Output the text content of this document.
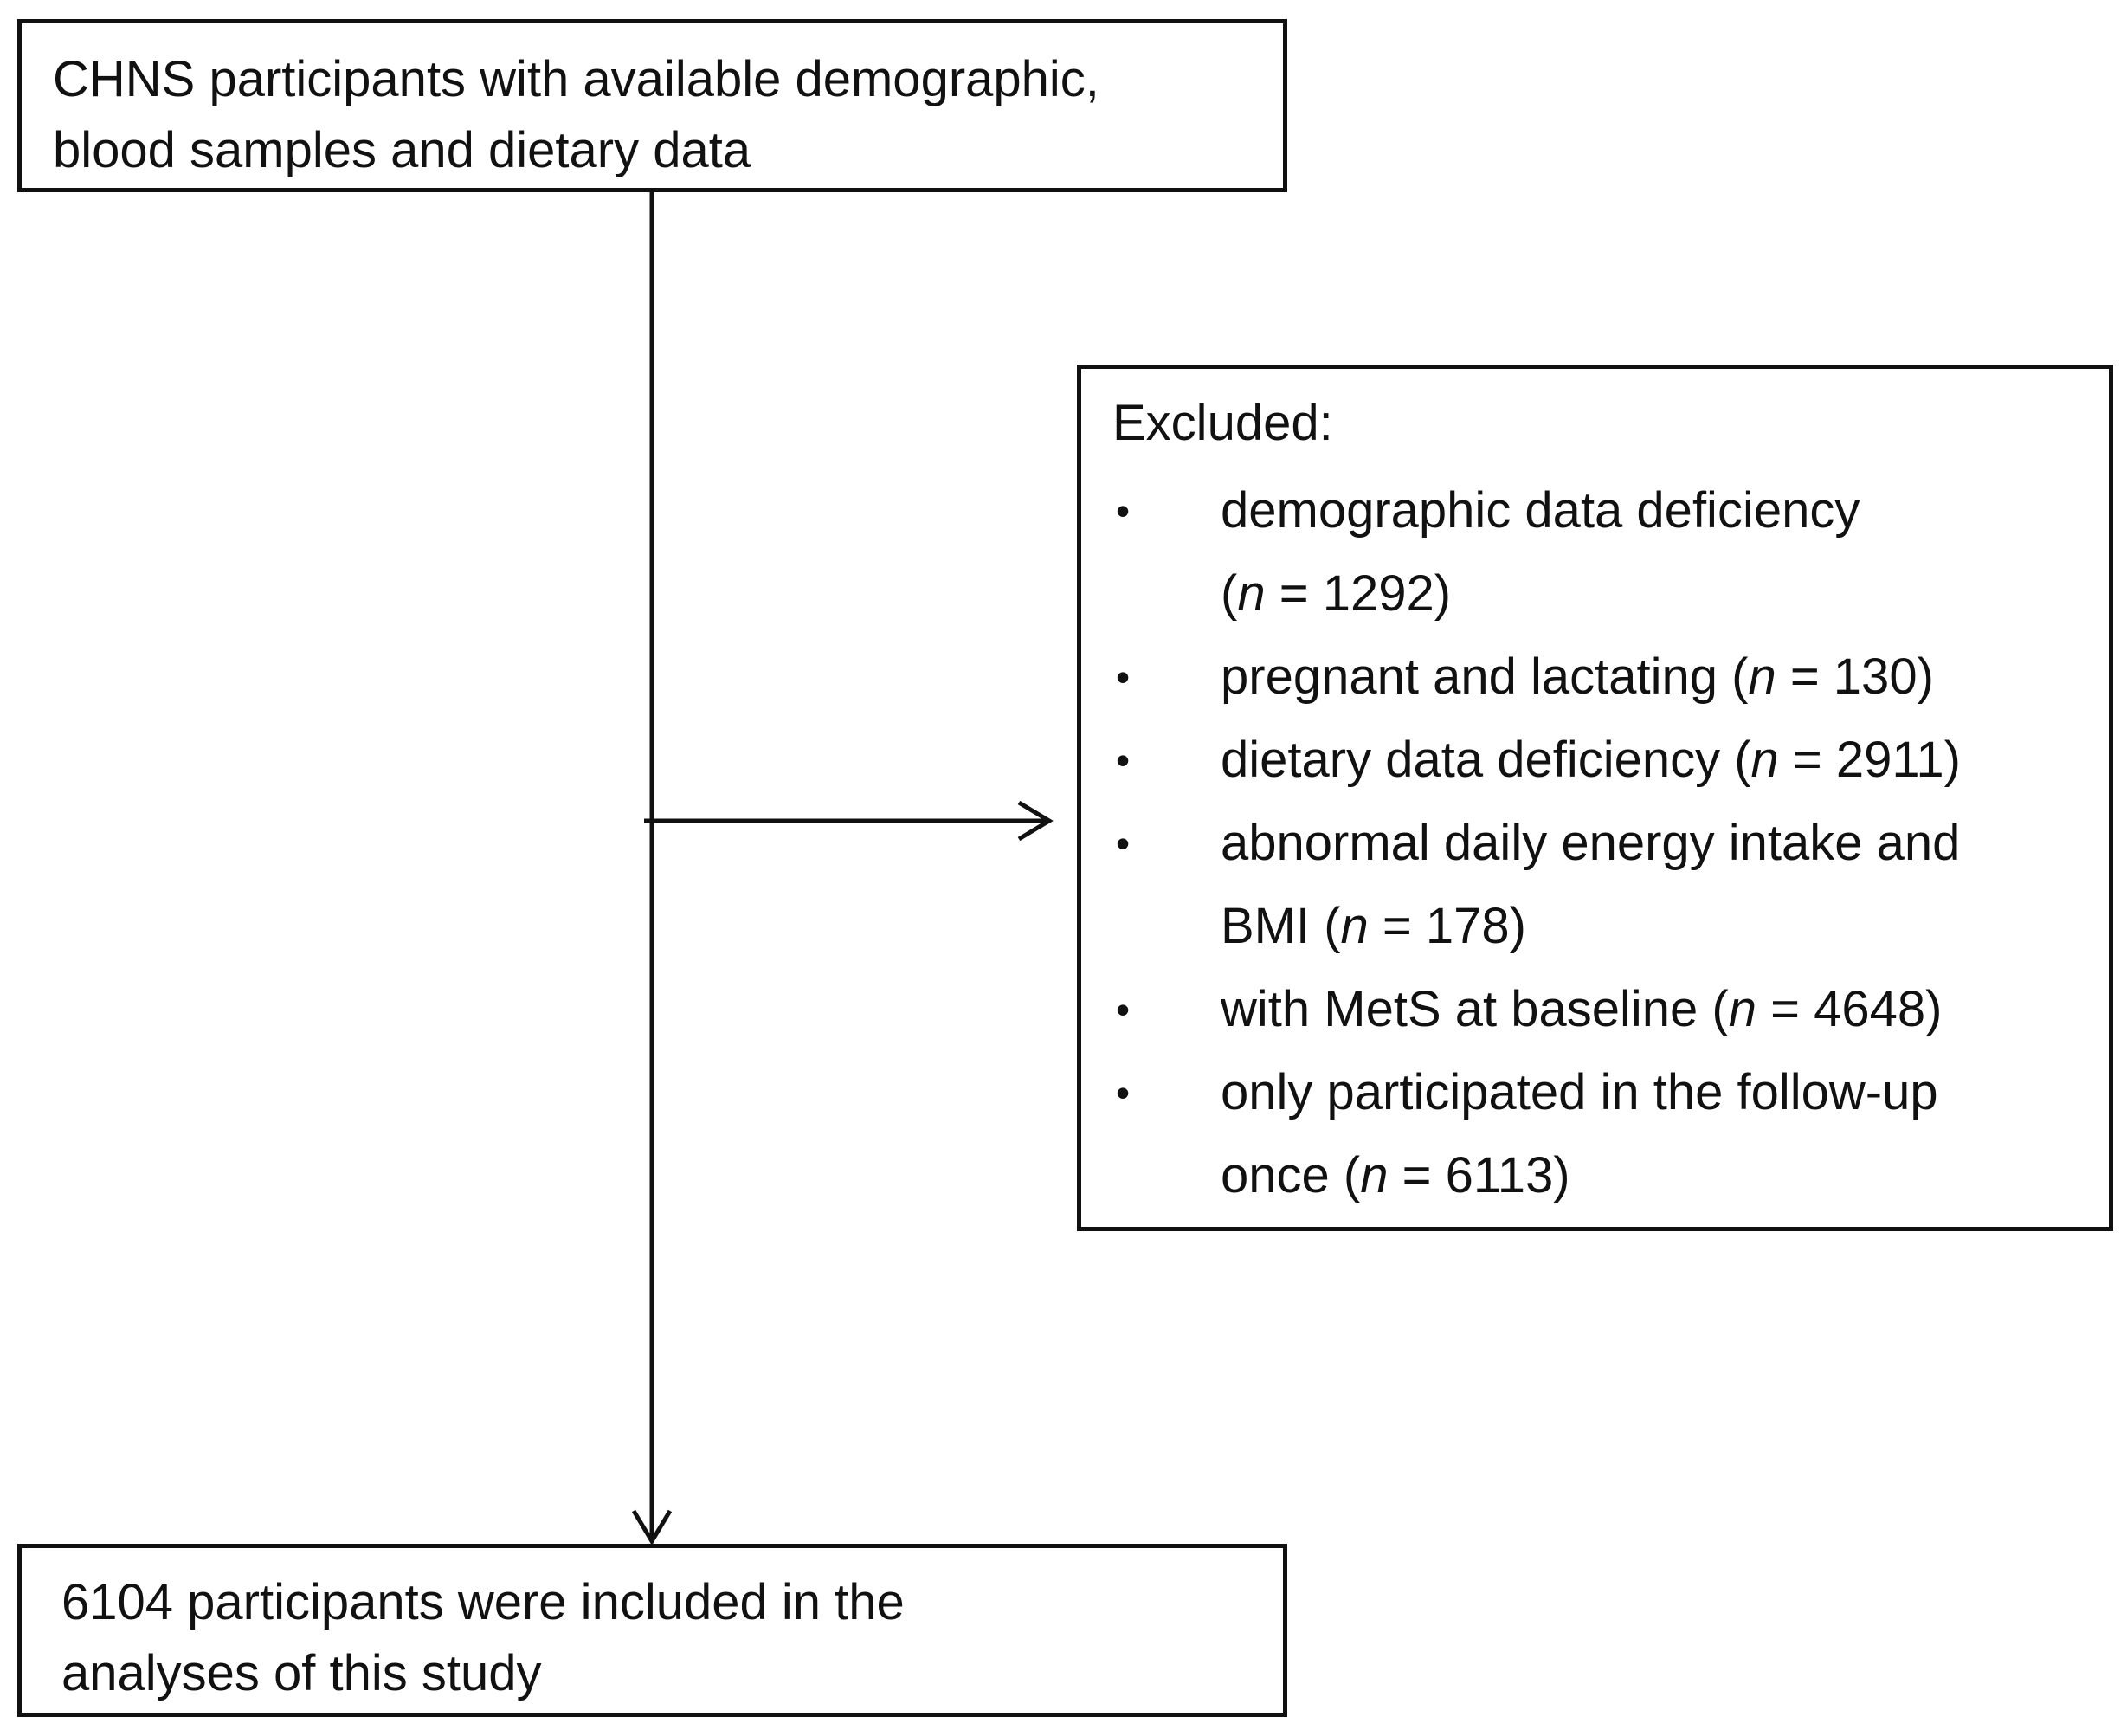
CHNS participants with available demographic,
blood samples and dietary data

Excluded:

• demographic data deficiency
(n = 1292)
• pregnant and lactating (n = 130)
• dietary data deficiency (n = 2911)
• abnormal daily energy intake and
BMI (n = 178)
• with MetS at baseline (n = 4648)
• only participated in the follow-up
once (n = 6113)

6104 participants were included in the
analyses of this study
